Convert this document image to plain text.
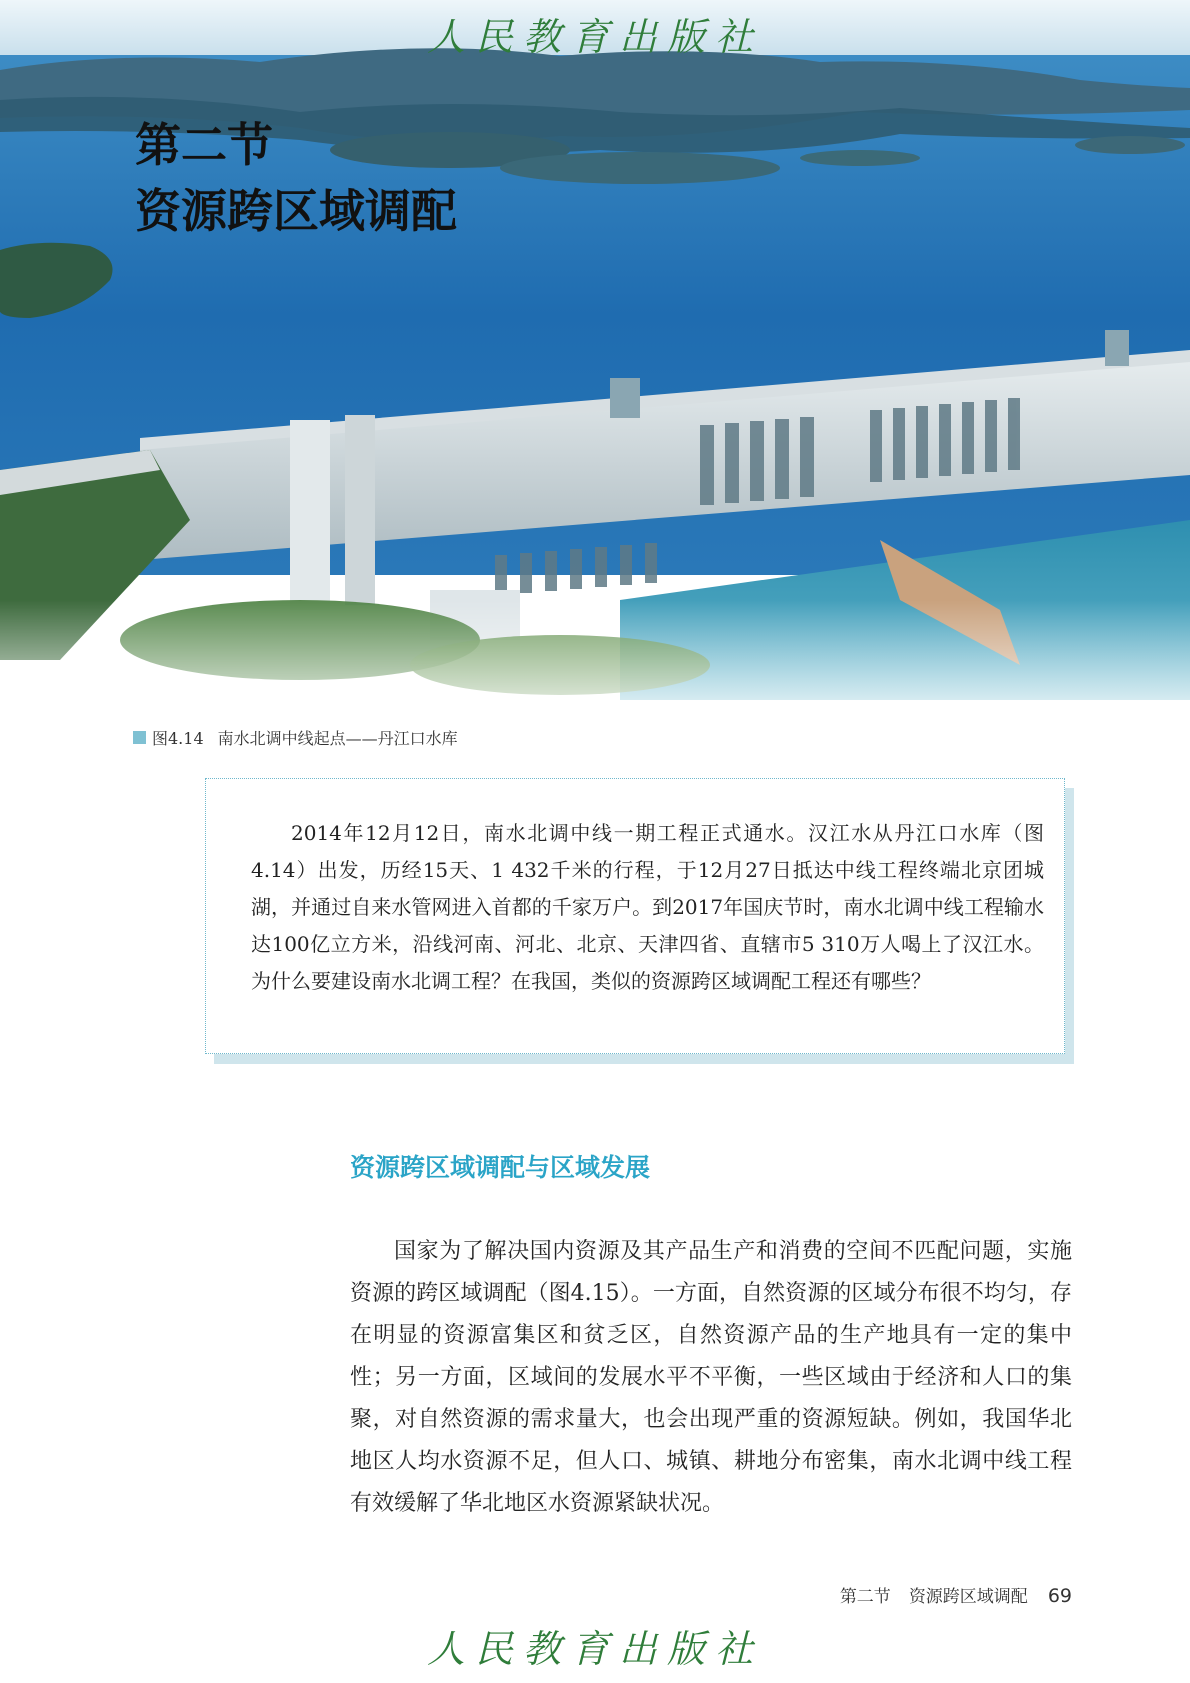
人民教育出版社
第二节
资源跨区域调配
图4.14 南水北调中线起点——丹江口水库

2014年12月12日，南水北调中线一期工程正式通水。汉江水从丹江口水库（图4.14）出发，历经15天、1 432千米的行程，于12月27日抵达中线工程终端北京团城湖，并通过自来水管网进入首都的千家万户。到2017年国庆节时，南水北调中线工程输水达100亿立方米，沿线河南、河北、北京、天津四省、直辖市5 310万人喝上了汉江水。为什么要建设南水北调工程？在我国，类似的资源跨区域调配工程还有哪些？

资源跨区域调配与区域发展

国家为了解决国内资源及其产品生产和消费的空间不匹配问题，实施资源的跨区域调配（图4.15）。一方面，自然资源的区域分布很不均匀，存在明显的资源富集区和贫乏区，自然资源产品的生产地具有一定的集中性；另一方面，区域间的发展水平不平衡，一些区域由于经济和人口的集聚，对自然资源的需求量大，也会出现严重的资源短缺。例如，我国华北地区人均水资源不足，但人口、城镇、耕地分布密集，南水北调中线工程有效缓解了华北地区水资源紧缺状况。

第二节 资源跨区域调配 69
人民教育出版社
